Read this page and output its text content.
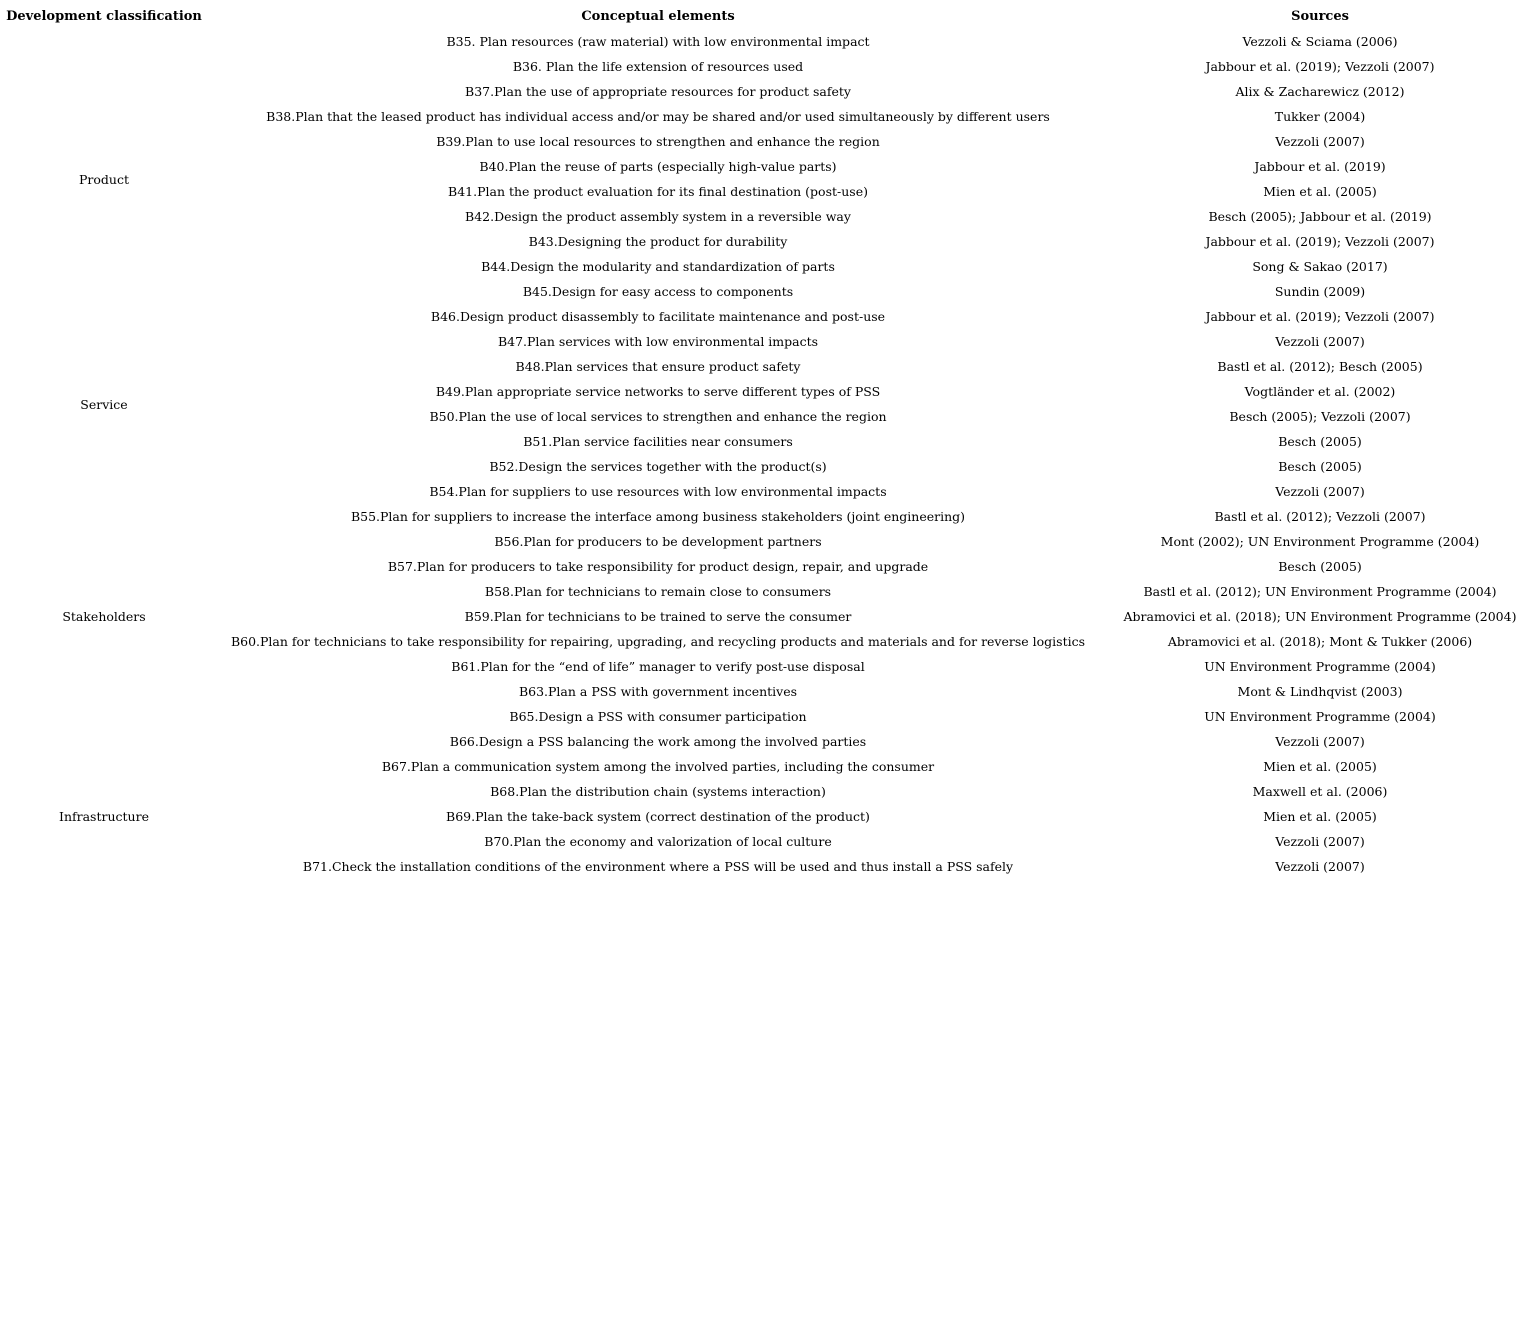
Development classification	Conceptual elements	Sources
Product	B35. Plan resources (raw material) with low environmental impact	Vezzoli & Sciama (2006)
	B36. Plan the life extension of resources used	Jabbour et al. (2019); Vezzoli (2007)
	B37.Plan the use of appropriate resources for product safety	Alix & Zacharewicz (2012)
	B38.Plan that the leased product has individual access and/or may be shared and/or used simultaneously by different users	Tukker (2004)
	B39.Plan to use local resources to strengthen and enhance the region	Vezzoli (2007)
	B40.Plan the reuse of parts (especially high-value parts)	Jabbour et al. (2019)
	B41.Plan the product evaluation for its final destination (post-use)	Mien et al. (2005)
	B42.Design the product assembly system in a reversible way	Besch (2005); Jabbour et al. (2019)
	B43.Designing the product for durability	Jabbour et al. (2019); Vezzoli (2007)
	B44.Design the modularity and standardization of parts	Song & Sakao (2017)
	B45.Design for easy access to components	Sundin (2009)
	B46.Design product disassembly to facilitate maintenance and post-use	Jabbour et al. (2019); Vezzoli (2007)
Service	B47.Plan services with low environmental impacts	Vezzoli (2007)
	B48.Plan services that ensure product safety	Bastl et al. (2012); Besch (2005)
	B49.Plan appropriate service networks to serve different types of PSS	Vogtländer et al. (2002)
	B50.Plan the use of local services to strengthen and enhance the region	Besch (2005); Vezzoli (2007)
	B51.Plan service facilities near consumers	Besch (2005)
	B52.Design the services together with the product(s)	Besch (2005)
Stakeholders	B54.Plan for suppliers to use resources with low environmental impacts	Vezzoli (2007)
	B55.Plan for suppliers to increase the interface among business stakeholders (joint engineering)	Bastl et al. (2012); Vezzoli (2007)
	B56.Plan for producers to be development partners	Mont (2002); UN Environment Programme (2004)
	B57.Plan for producers to take responsibility for product design, repair, and upgrade	Besch (2005)
	B58.Plan for technicians to remain close to consumers	Bastl et al. (2012); UN Environment Programme (2004)
	B59.Plan for technicians to be trained to serve the consumer	Abramovici et al. (2018); UN Environment Programme (2004)
	B60.Plan for technicians to take responsibility for repairing, upgrading, and recycling products and materials and for reverse logistics	Abramovici et al. (2018); Mont & Tukker (2006)
	B61.Plan for the “end of life” manager to verify post-use disposal	UN Environment Programme (2004)
	B63.Plan a PSS with government incentives	Mont & Lindhqvist (2003)
	B65.Design a PSS with consumer participation	UN Environment Programme (2004)
	B66.Design a PSS balancing the work among the involved parties	Vezzoli (2007)
Infrastructure	B67.Plan a communication system among the involved parties, including the consumer	Mien et al. (2005)
	B68.Plan the distribution chain (systems interaction)	Maxwell et al. (2006)
	B69.Plan the take-back system (correct destination of the product)	Mien et al. (2005)
	B70.Plan the economy and valorization of local culture	Vezzoli (2007)
	B71.Check the installation conditions of the environment where a PSS will be used and thus install a PSS safely	Vezzoli (2007)
